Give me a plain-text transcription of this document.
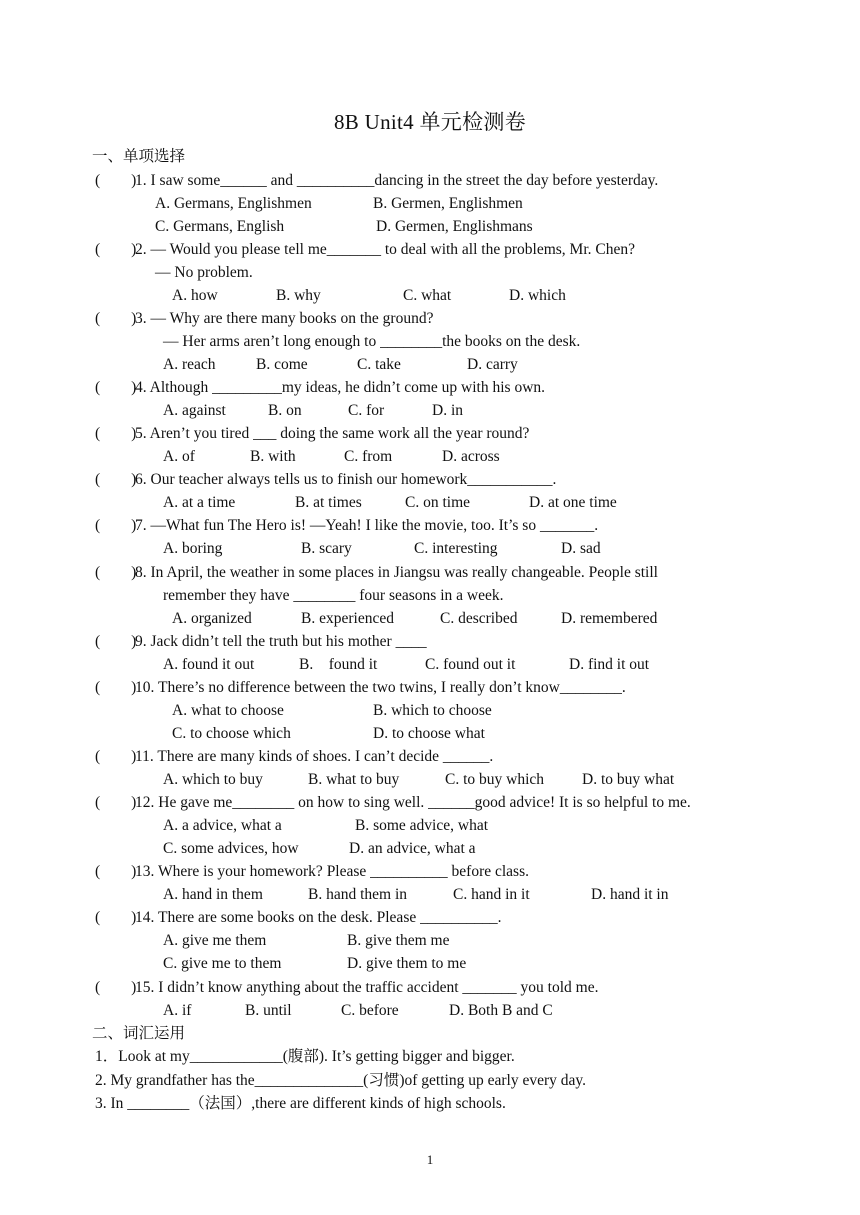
8B Unit4 单元检测卷
一、单项选择
(        )
1. I saw some______ and __________dancing in the street the day before yesterday.
A. Germans, Englishmen	B. Germen, Englishmen
C. Germans, English	D. Germen, Englishmans
(        )
2. — Would you please tell me_______ to deal with all the problems, Mr. Chen?
— No problem.
A. how	B. why	C. what	D. which
(        )
3. — Why are there many books on the ground?
— Her arms aren’t long enough to ________the books on the desk.
A. reach	B. come	C. take	D. carry
(        )
4. Although _________my ideas, he didn’t come up with his own.
A. against	B. on	C. for	D. in
(        )
5. Aren’t you tired ___ doing the same work all the year round?
A. of	B. with	C. from	D. across
(        )
6. Our teacher always tells us to finish our homework___________.
A. at a time	B. at times	C. on time	D. at one time
(        )
7. —What fun The Hero is! —Yeah! I like the movie, too. It’s so _______.
A. boring	B. scary	C. interesting	D. sad
(        )
8. In April, the weather in some places in Jiangsu was really changeable. People still
remember they have ________ four seasons in a week.
A. organized	B. experienced	C. described	D. remembered
(        )
9. Jack didn’t tell the truth but his mother ____
A. found it out	B.    found it	C. found out it	D. find it out
(        )
10. There’s no difference between the two twins, I really don’t know________.
A. what to choose	B. which to choose
C. to choose which	D. to choose what
(        )
11. There are many kinds of shoes. I can’t decide ______.
A. which to buy	B. what to buy	C. to buy which D. to buy what
(        )
12. He gave me________ on how to sing well. ______good advice! It is so helpful to me.
A. a advice, what a	B. some advice, what
C. some advices, how	D. an advice, what a
(        )
13. Where is your homework? Please __________ before class.
A. hand in them	B. hand them in	C. hand in it	D. hand it in
(        )
14. There are some books on the desk. Please __________.
A. give me them	B. give them me
C. give me to them	D. give them to me
(        )
15. I didn’t know anything about the traffic accident _______ you told me.
A. if	B. until	C. before	D. Both B and C
二、词汇运用
1．Look at my____________(腹部). It’s getting bigger and bigger.
2. My grandfather has the______________(习惯)of getting up early every day.
3. In ________（法国）,there are different kinds of high schools.
1
